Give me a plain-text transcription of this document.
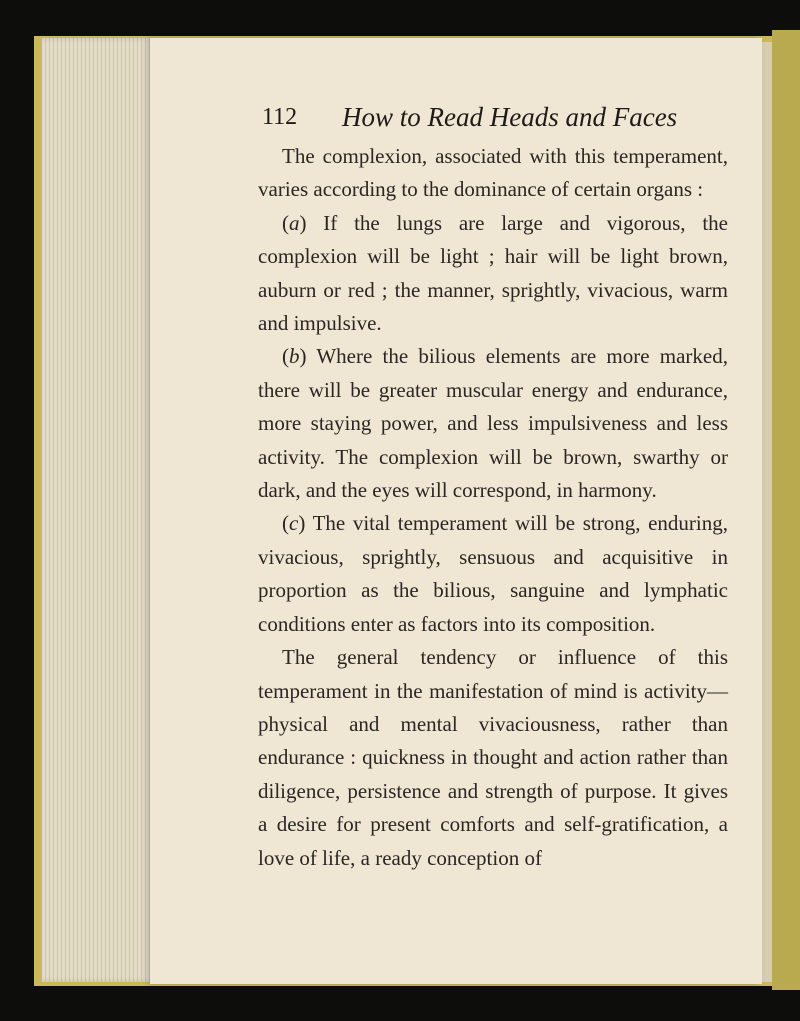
112 How to Read Heads and Faces

The complexion, associated with this temperament, varies according to the dominance of certain organs :

(a) If the lungs are large and vigorous, the complexion will be light ; hair will be light brown, auburn or red ; the manner, sprightly, vivacious, warm and impulsive.

(b) Where the bilious elements are more marked, there will be greater muscular energy and endurance, more staying power, and less impulsiveness and less activity. The complexion will be brown, swarthy or dark, and the eyes will correspond, in harmony.

(c) The vital temperament will be strong, enduring, vivacious, sprightly, sensuous and acquisitive in proportion as the bilious, sanguine and lymphatic conditions enter as factors into its composition.

The general tendency or influence of this temperament in the manifestation of mind is activity—physical and mental vivaciousness, rather than endurance : quickness in thought and action rather than diligence, persistence and strength of purpose. It gives a desire for present comforts and self-gratification, a love of life, a ready conception of
